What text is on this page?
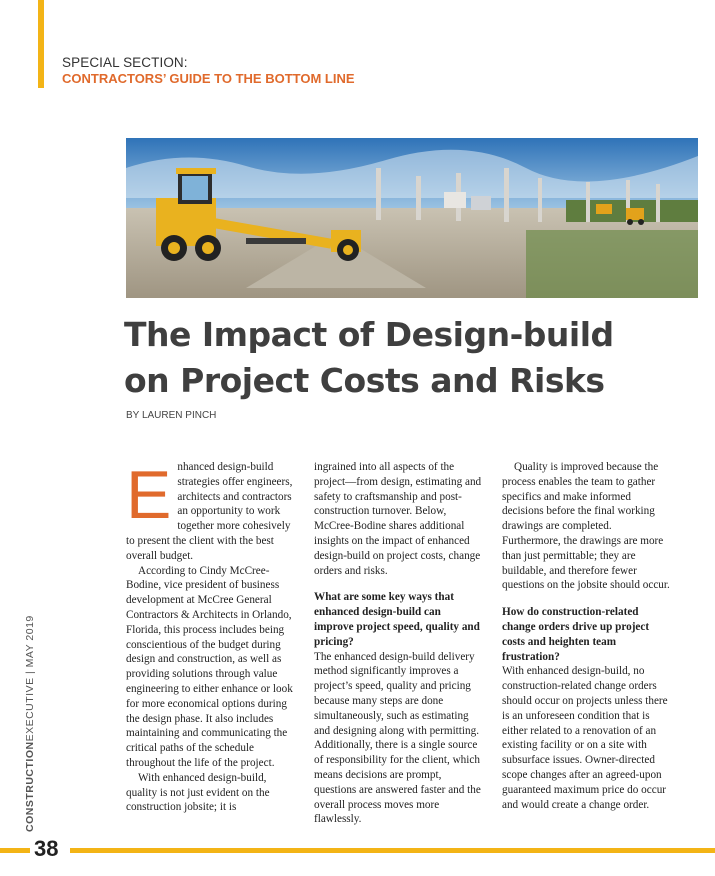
SPECIAL SECTION:
CONTRACTORS’ GUIDE TO THE BOTTOM LINE
The Impact of Design-build
on Project Costs and Risks
BY LAUREN PINCH
E nhanced design-build strategies offer engineers, architects and contractors an opportunity to work together more cohesively to present the client with the best overall budget.

According to Cindy McCree-Bodine, vice president of business development at McCree General Contractors & Architects in Orlando, Florida, this process includes being conscientious of the budget during design and construction, as well as providing solutions through value engineering to either enhance or look for more economical options during the design phase. It also includes maintaining and communicating the critical paths of the schedule throughout the life of the project.

With enhanced design-build, quality is not just evident on the construction jobsite; it is

ingrained into all aspects of the project—from design, estimating and safety to craftsmanship and post-construction turnover. Below, McCree-Bodine shares additional insights on the impact of enhanced design-build on project costs, change orders and risks.

What are some key ways that enhanced design-build can improve project speed, quality and pricing?

The enhanced design-build delivery method significantly improves a project’s speed, quality and pricing because many steps are done simultaneously, such as estimating and designing along with permitting. Additionally, there is a single source of responsibility for the client, which means decisions are prompt, questions are answered faster and the overall process moves more flawlessly.

Quality is improved because the process enables the team to gather specifics and make informed decisions before the final working drawings are completed. Furthermore, the drawings are more than just permittable; they are buildable, and therefore fewer questions on the jobsite should occur.

How do construction-related change orders drive up project costs and heighten team frustration?

With enhanced design-build, no construction-related change orders should occur on projects unless there is an unforeseen condition that is either related to a renovation of an existing facility or on a site with subsurface issues. Owner-directed scope changes after an agreed-upon guaranteed maximum price do occur and would create a change order.

CONSTRUCTIONEXECUTIVE | MAY 2019
38
